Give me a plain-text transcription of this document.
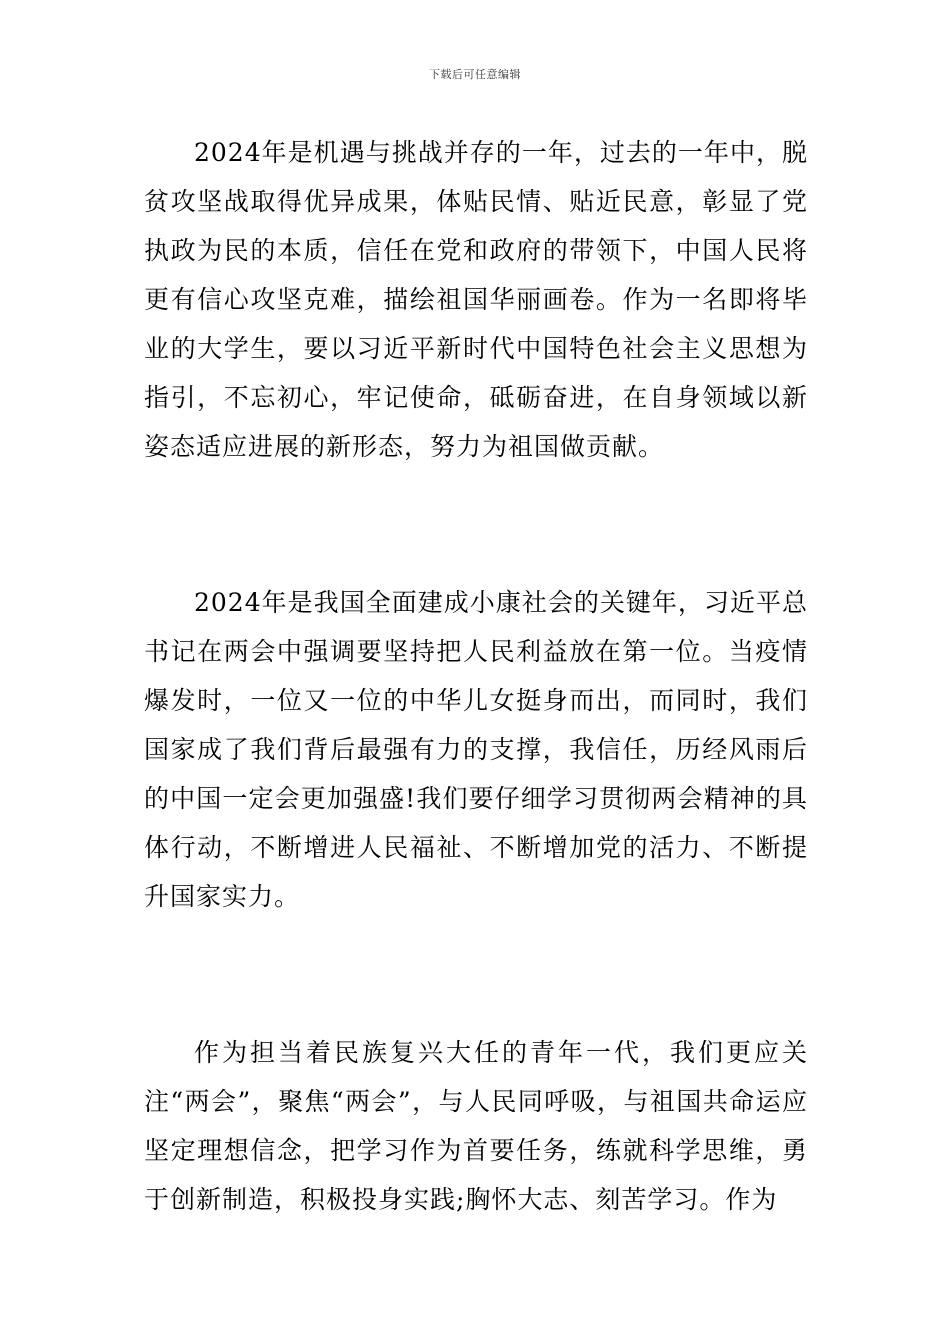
下载后可任意编辑

2024年是机遇与挑战并存的一年，过去的一年中，脱贫攻坚战取得优异成果，体贴民情、贴近民意，彰显了党执政为民的本质，信任在党和政府的带领下，中国人民将更有信心攻坚克难，描绘祖国华丽画卷。作为一名即将毕业的大学生，要以习近平新时代中国特色社会主义思想为指引，不忘初心，牢记使命，砥砺奋进，在自身领域以新姿态适应进展的新形态，努力为祖国做贡献。

2024年是我国全面建成小康社会的关键年，习近平总书记在两会中强调要坚持把人民利益放在第一位。当疫情爆发时，一位又一位的中华儿女挺身而出，而同时，我们国家成了我们背后最强有力的支撑，我信任，历经风雨后的中国一定会更加强盛!我们要仔细学习贯彻两会精神的具体行动，不断增进人民福祉、不断增加党的活力、不断提升国家实力。

作为担当着民族复兴大任的青年一代，我们更应关注“两会”，聚焦“两会”，与人民同呼吸，与祖国共命运应坚定理想信念，把学习作为首要任务，练就科学思维，勇于创新制造，积极投身实践;胸怀大志、刻苦学习。作为
